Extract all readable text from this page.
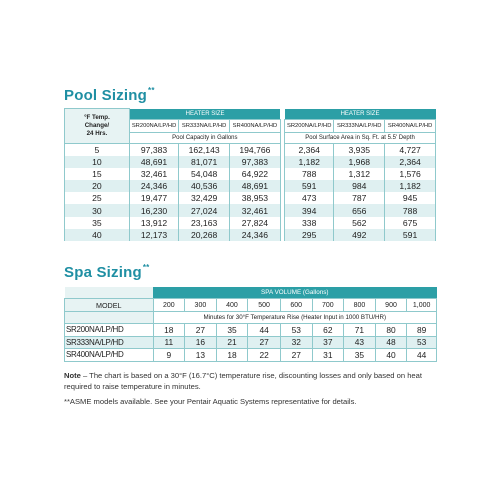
Pool Sizing**
°F Temp.
Change/
24 Hrs.	HEATER SIZE				HEATER SIZE		
	SR200NA/LP/HD	SR333NA/LP/HD	SR400NA/LP/HD		SR200NA/LP/HD	SR333NA/LP/HD	SR400NA/LP/HD
	Pool Capacity in Gallons				Pool Surface Area in Sq. Ft. at 5.5' Depth		
5	97,383	162,143	194,766		2,364	3,935	4,727
10	48,691	81,071	97,383		1,182	1,968	2,364
15	32,461	54,048	64,922		788	1,312	1,576
20	24,346	40,536	48,691		591	984	1,182
25	19,477	32,429	38,953		473	787	945
30	16,230	27,024	32,461		394	656	788
35	13,912	23,163	27,824		338	562	675
40	12,173	20,268	24,346		295	492	591
Spa Sizing**
	SPA VOLUME (Gallons)								
MODEL	200	300	400	500	600	700	800	900	1,000
	Minutes for 30°F Temperature Rise (Heater Input in 1000 BTU/HR)								
SR200NA/LP/HD	18	27	35	44	53	62	71	80	89
SR333NA/LP/HD	11	16	21	27	32	37	43	48	53
SR400NA/LP/HD	9	13	18	22	27	31	35	40	44
Note – The chart is based on a 30°F (16.7°C) temperature rise, discounting losses and only based on heat required to raise temperature in minutes.
**ASME models available. See your Pentair Aquatic Systems representative for details.
